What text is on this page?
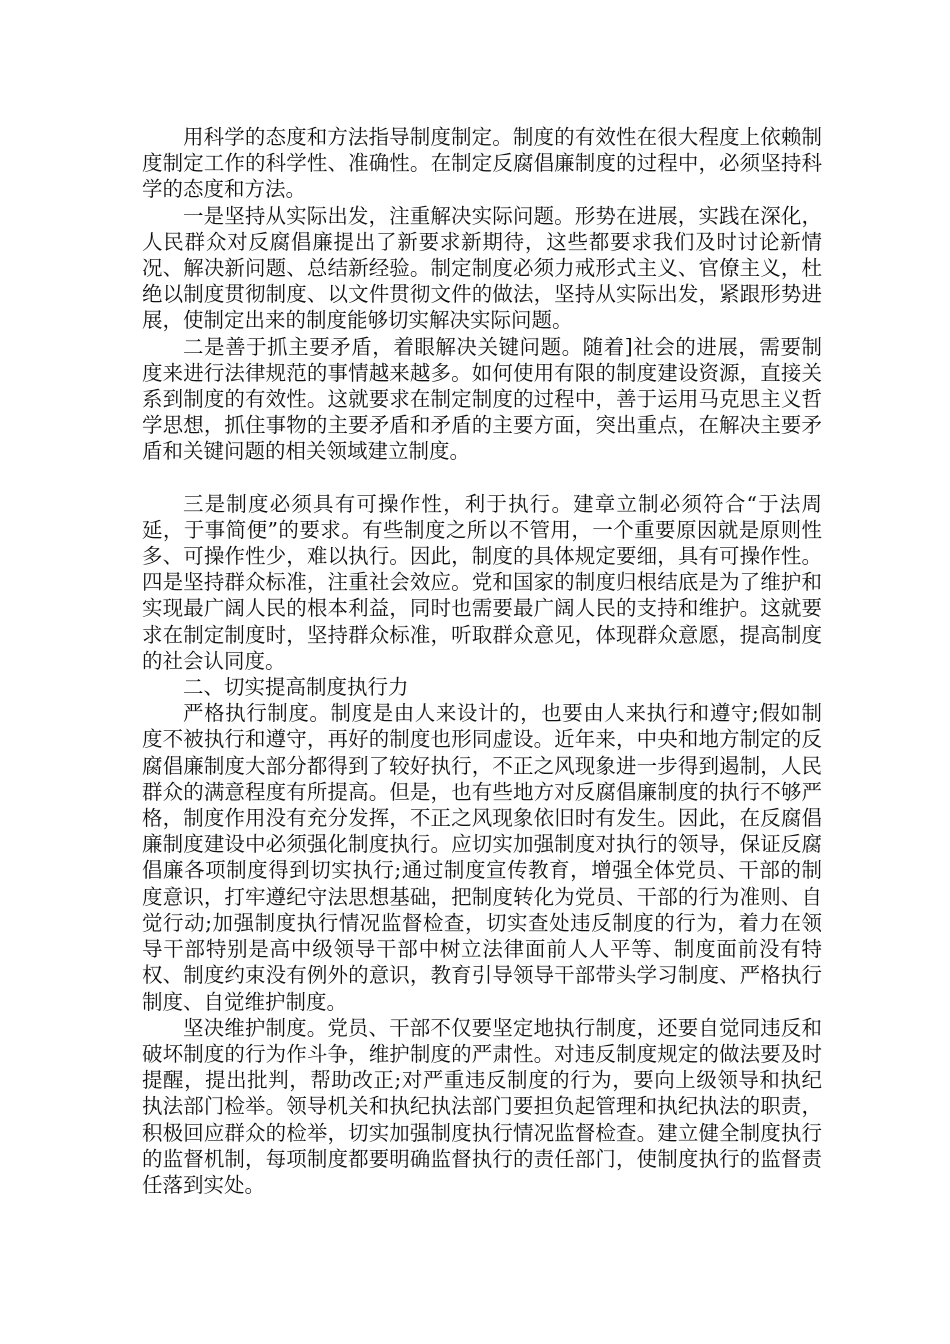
用科学的态度和方法指导制度制定。制度的有效性在很大程度上依赖制度制定工作的科学性、准确性。在制定反腐倡廉制度的过程中，必须坚持科学的态度和方法。

一是坚持从实际出发，注重解决实际问题。形势在进展，实践在深化，人民群众对反腐倡廉提出了新要求新期待，这些都要求我们及时讨论新情况、解决新问题、总结新经验。制定制度必须力戒形式主义、官僚主义，杜绝以制度贯彻制度、以文件贯彻文件的做法，坚持从实际出发，紧跟形势进展，使制定出来的制度能够切实解决实际问题。

二是善于抓主要矛盾，着眼解决关键问题。随着]社会的进展，需要制度来进行法律规范的事情越来越多。如何使用有限的制度建设资源，直接关系到制度的有效性。这就要求在制定制度的过程中，善于运用马克思主义哲学思想，抓住事物的主要矛盾和矛盾的主要方面，突出重点，在解决主要矛盾和关键问题的相关领域建立制度。

三是制度必须具有可操作性，利于执行。建章立制必须符合“于法周延，于事简便”的要求。有些制度之所以不管用，一个重要原因就是原则性多、可操作性少，难以执行。因此，制度的具体规定要细，具有可操作性。四是坚持群众标准，注重社会效应。党和国家的制度归根结底是为了维护和实现最广阔人民的根本利益，同时也需要最广阔人民的支持和维护。这就要求在制定制度时，坚持群众标准，听取群众意见，体现群众意愿，提高制度的社会认同度。

二、切实提高制度执行力

严格执行制度。制度是由人来设计的，也要由人来执行和遵守;假如制度不被执行和遵守，再好的制度也形同虚设。近年来，中央和地方制定的反腐倡廉制度大部分都得到了较好执行，不正之风现象进一步得到遏制，人民群众的满意程度有所提高。但是，也有些地方对反腐倡廉制度的执行不够严格，制度作用没有充分发挥，不正之风现象依旧时有发生。因此，在反腐倡廉制度建设中必须强化制度执行。应切实加强制度对执行的领导，保证反腐倡廉各项制度得到切实执行;通过制度宣传教育，增强全体党员、干部的制度意识，打牢遵纪守法思想基础，把制度转化为党员、干部的行为准则、自觉行动;加强制度执行情况监督检查，切实查处违反制度的行为，着力在领导干部特别是高中级领导干部中树立法律面前人人平等、制度面前没有特权、制度约束没有例外的意识，教育引导领导干部带头学习制度、严格执行制度、自觉维护制度。

坚决维护制度。党员、干部不仅要坚定地执行制度，还要自觉同违反和破坏制度的行为作斗争，维护制度的严肃性。对违反制度规定的做法要及时提醒，提出批判，帮助改正;对严重违反制度的行为，要向上级领导和执纪执法部门检举。领导机关和执纪执法部门要担负起管理和执纪执法的职责，积极回应群众的检举，切实加强制度执行情况监督检查。建立健全制度执行的监督机制，每项制度都要明确监督执行的责任部门，使制度执行的监督责任落到实处。
